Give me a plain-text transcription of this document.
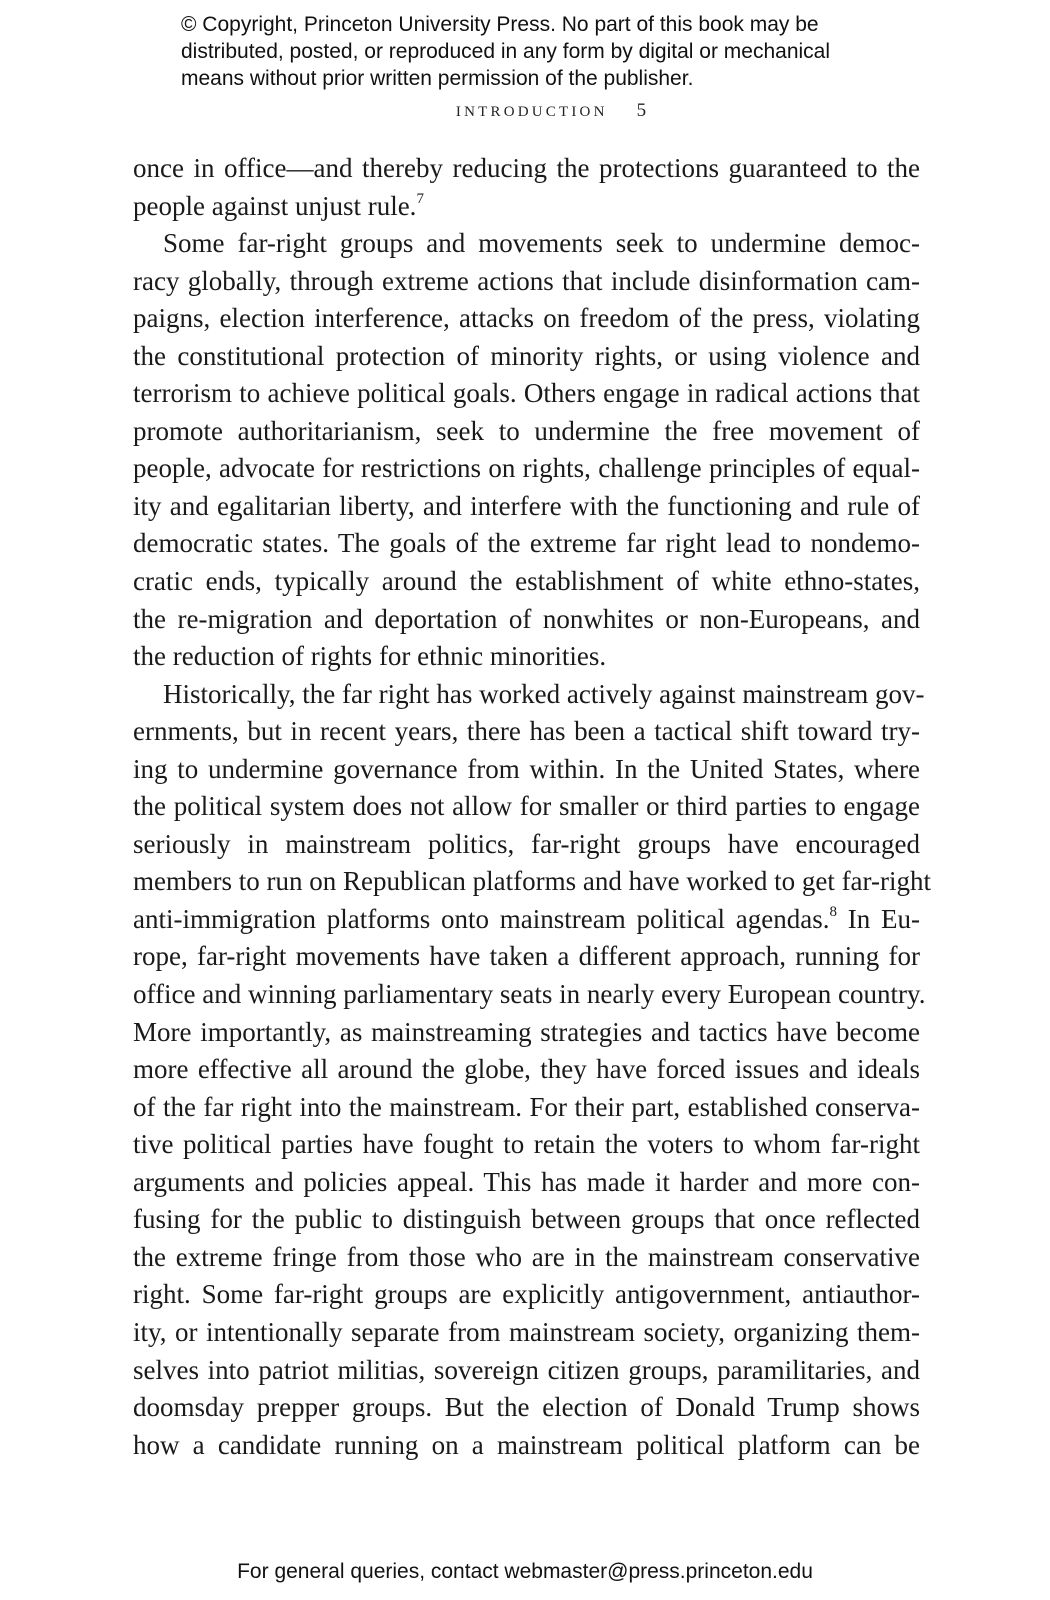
© Copyright, Princeton University Press. No part of this book may be
distributed, posted, or reproduced in any form by digital or mechanical
means without prior written permission of the publisher.
INTRODUCTION 5
once in office—and thereby reducing the protections guaranteed to the
people against unjust rule.$^7$
Some far-right groups and movements seek to undermine democ-
racy globally, through extreme actions that include disinformation cam-
paigns, election interference, attacks on freedom of the press, violating
the constitutional protection of minority rights, or using violence and
terrorism to achieve political goals. Others engage in radical actions that
promote authoritarianism, seek to undermine the free movement of
people, advocate for restrictions on rights, challenge principles of equal-
ity and egalitarian liberty, and interfere with the functioning and rule of
democratic states. The goals of the extreme far right lead to nondemo-
cratic ends, typically around the establishment of white ethno-states,
the re-migration and deportation of nonwhites or non-Europeans, and
the reduction of rights for ethnic minorities.
Historically, the far right has worked actively against mainstream gov-
ernments, but in recent years, there has been a tactical shift toward try-
ing to undermine governance from within. In the United States, where
the political system does not allow for smaller or third parties to engage
seriously in mainstream politics, far-right groups have encouraged
members to run on Republican platforms and have worked to get far-right
anti-immigration platforms onto mainstream political agendas.$^8$ In Eu-
rope, far-right movements have taken a different approach, running for
office and winning parliamentary seats in nearly every European country.
More importantly, as mainstreaming strategies and tactics have become
more effective all around the globe, they have forced issues and ideals
of the far right into the mainstream. For their part, established conserva-
tive political parties have fought to retain the voters to whom far-right
arguments and policies appeal. This has made it harder and more con-
fusing for the public to distinguish between groups that once reflected
the extreme fringe from those who are in the mainstream conservative
right. Some far-right groups are explicitly antigovernment, antiauthor-
ity, or intentionally separate from mainstream society, organizing them-
selves into patriot militias, sovereign citizen groups, paramilitaries, and
doomsday prepper groups. But the election of Donald Trump shows
how a candidate running on a mainstream political platform can be
For general queries, contact webmaster@press.princeton.edu
